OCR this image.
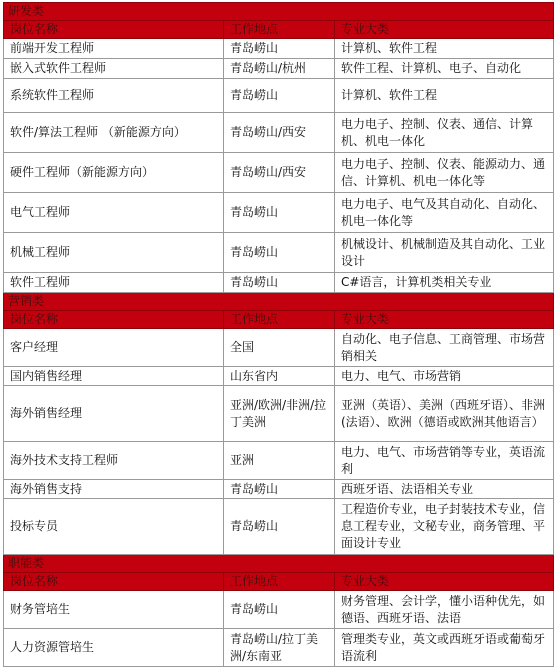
研发类		
岗位名称	工作地点	专业大类
前端开发工程师	青岛崂山	计算机、软件工程
嵌入式软件工程师	青岛崂山/杭州	软件工程、计算机、电子、自动化
系统软件工程师	青岛崂山	计算机、软件工程
软件/算法工程师 （新能源方向）	青岛崂山/西安	电力电子、控制、仪表、通信、计算机、机电一体化
硬件工程师（新能源方向）	青岛崂山/西安	电力电子、控制、仪表、能源动力、通信、计算机、机电一体化等
电气工程师	青岛崂山	电力电子、电气及其自动化、自动化、机电一体化等
机械工程师	青岛崂山	机械设计、机械制造及其自动化、工业设计
软件工程师	青岛崂山	C#语言，计算机类相关专业
营销类		
岗位名称	工作地点	专业大类
客户经理	全国	自动化、电子信息、工商管理、市场营销相关
国内销售经理	山东省内	电力、电气、市场营销
海外销售经理	亚洲/欧洲/非洲/拉丁美洲	亚洲（英语）、美洲（西班牙语）、非洲(法语）、欧洲（德语或欧洲其他语言）
海外技术支持工程师	亚洲	电力、电气、市场营销等专业，英语流利
海外销售支持	青岛崂山	西班牙语、法语相关专业
投标专员	青岛崂山	工程造价专业，电子封装技术专业，信息工程专业，文秘专业，商务管理、平面设计专业
职能类		
岗位名称	工作地点	专业大类
财务管培生	青岛崂山	财务管理、会计学，懂小语种优先，如德语、西班牙语、法语
人力资源管培生	青岛崂山/拉丁美洲/东南亚	管理类专业，英文或西班牙语或葡萄牙语流利
